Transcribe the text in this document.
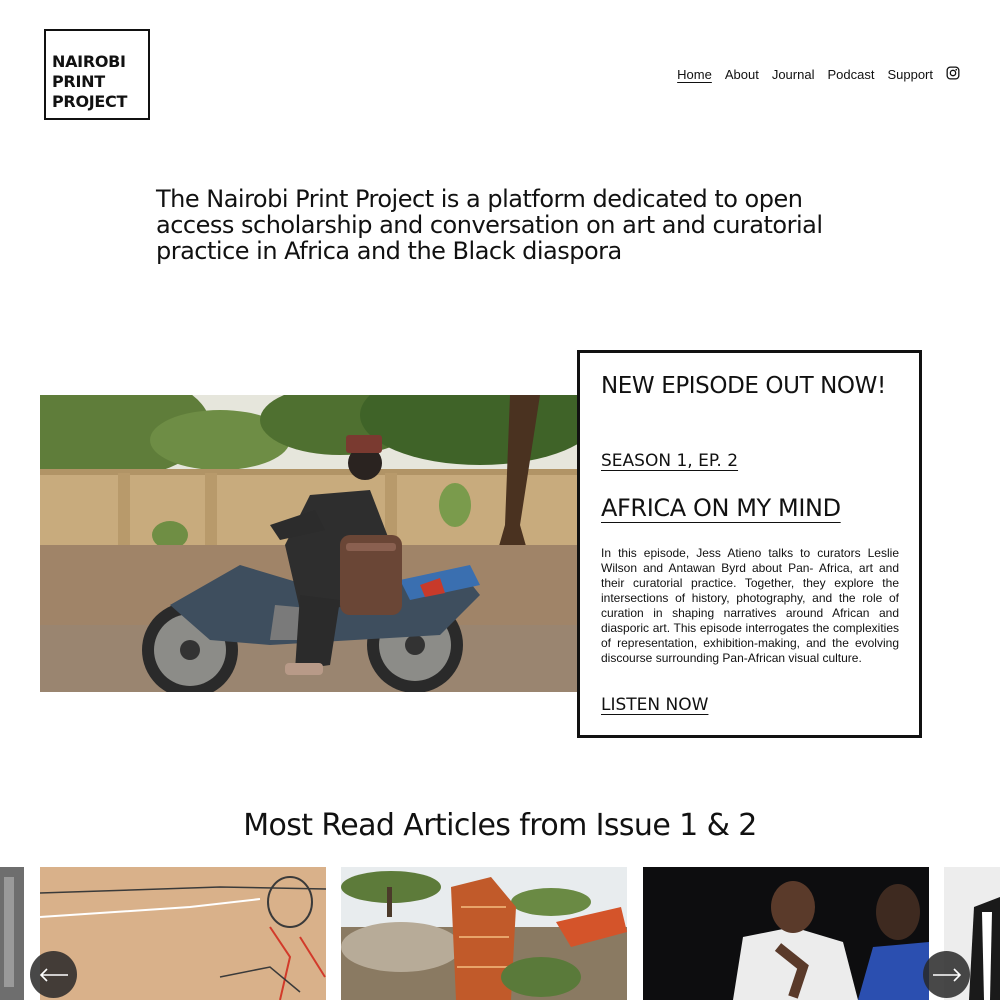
NAIROBI
PRINT
PROJECT
Home About Journal Podcast Support

The Nairobi Print Project is a platform dedicated to open access scholarship and conversation on art and curatorial practice in Africa and the Black diaspora

NEW EPISODE OUT NOW!
SEASON 1, EP. 2
AFRICA ON MY MIND

In this episode, Jess Atieno talks to curators Leslie Wilson and Antawan Byrd about Pan- Africa, art and their curatorial practice. Together, they explore the intersections of history, photography, and the role of curation in shaping narratives around African and diasporic art. This episode interrogates the complexities of representation, exhibition-making, and the evolving discourse surrounding Pan-African visual culture.

LISTEN NOW
Most Read Articles from Issue 1 & 2
